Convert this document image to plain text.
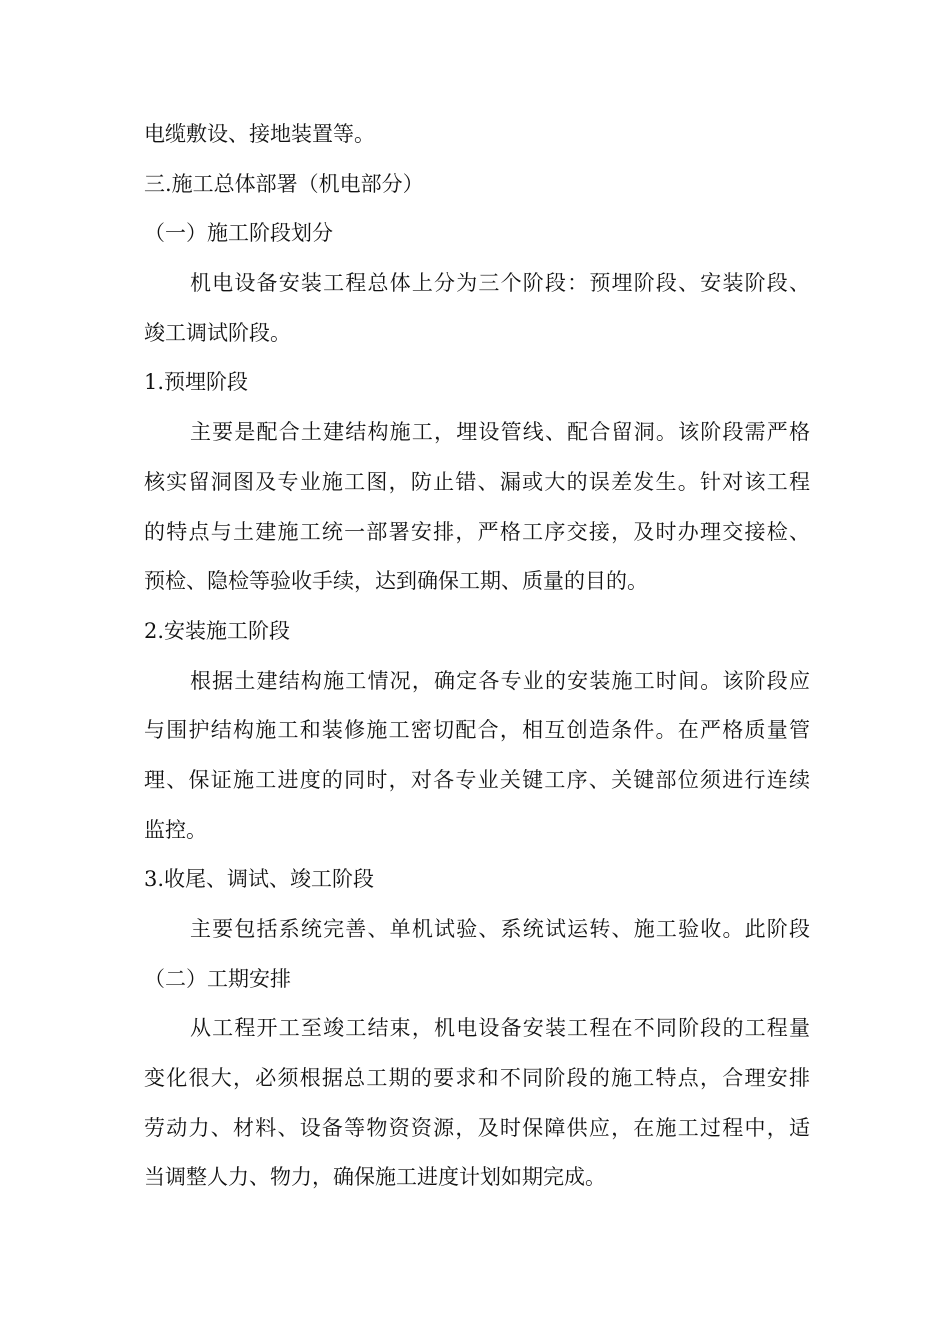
电缆敷设、接地装置等。
三.施工总体部署（机电部分）
（一）施工阶段划分
机电设备安装工程总体上分为三个阶段：预埋阶段、安装阶段、
竣工调试阶段。
1.预埋阶段
主要是配合土建结构施工，埋设管线、配合留洞。该阶段需严格
核实留洞图及专业施工图，防止错、漏或大的误差发生。针对该工程
的特点与土建施工统一部署安排，严格工序交接，及时办理交接检、
预检、隐检等验收手续，达到确保工期、质量的目的。
2.安装施工阶段
根据土建结构施工情况，确定各专业的安装施工时间。该阶段应
与围护结构施工和装修施工密切配合，相互创造条件。在严格质量管
理、保证施工进度的同时，对各专业关键工序、关键部位须进行连续
监控。
3.收尾、调试、竣工阶段
主要包括系统完善、单机试验、系统试运转、施工验收。此阶段
（二）工期安排
从工程开工至竣工结束，机电设备安装工程在不同阶段的工程量
变化很大，必须根据总工期的要求和不同阶段的施工特点，合理安排
劳动力、材料、设备等物资资源，及时保障供应，在施工过程中，适
当调整人力、物力，确保施工进度计划如期完成。
